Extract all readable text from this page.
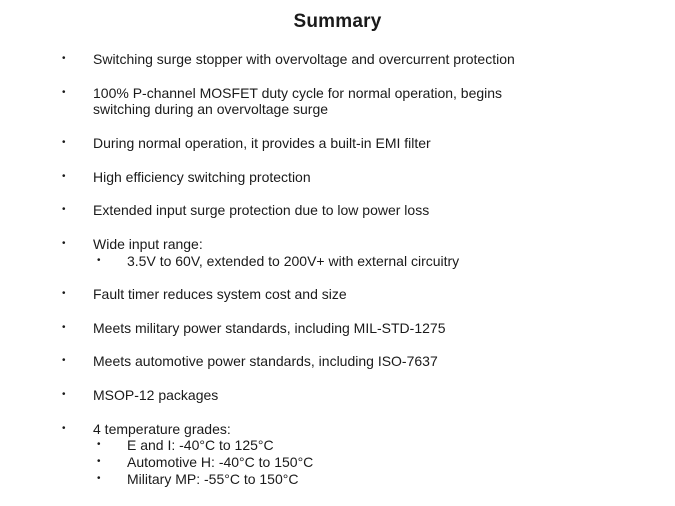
Summary
• Switching surge stopper with overvoltage and overcurrent protection
• 100% P-channel MOSFET duty cycle for normal operation, begins
switching during an overvoltage surge
• During normal operation, it provides a built-in EMI filter
• High efficiency switching protection
• Extended input surge protection due to low power loss
• Wide input range:
• 3.5V to 60V, extended to 200V+ with external circuitry
• Fault timer reduces system cost and size
• Meets military power standards, including MIL-STD-1275
• Meets automotive power standards, including ISO-7637
• MSOP-12 packages
• 4 temperature grades:
• E and I: -40°C to 125°C
• Automotive H: -40°C to 150°C
• Military MP: -55°C to 150°C
